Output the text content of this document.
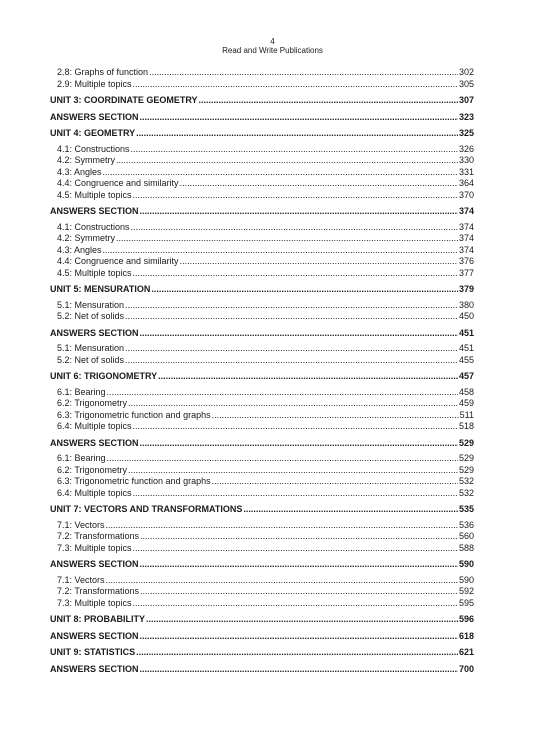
4
Read and Write Publications
2.8: Graphs of function .....	302
2.9: Multiple topics .....	305
UNIT 3: COORDINATE GEOMETRY .....	307
ANSWERS SECTION .....	323
UNIT 4: GEOMETRY .....	325
4.1: Constructions .....	326
4.2: Symmetry .....	330
4.3: Angles .....	331
4.4: Congruence and similarity .....	364
4.5: Multiple topics .....	370
ANSWERS SECTION .....	374
4.1: Constructions .....	374
4.2: Symmetry .....	374
4.3: Angles .....	374
4.4: Congruence and similarity .....	376
4.5: Multiple topics .....	377
UNIT 5: MENSURATION .....	379
5.1: Mensuration .....	380
5.2: Net of solids .....	450
ANSWERS SECTION .....	451
5.1: Mensuration .....	451
5.2: Net of solids .....	455
UNIT 6: TRIGONOMETRY .....	457
6.1: Bearing .....	458
6.2: Trigonometry .....	459
6.3: Trigonometric function and graphs .....	511
6.4: Multiple topics .....	518
ANSWERS SECTION .....	529
6.1: Bearing .....	529
6.2: Trigonometry .....	529
6.3: Trigonometric function and graphs .....	532
6.4: Multiple topics .....	532
UNIT 7: VECTORS AND TRANSFORMATIONS .....	535
7.1: Vectors .....	536
7.2: Transformations .....	560
7.3: Multiple topics .....	588
ANSWERS SECTION .....	590
7.1: Vectors .....	590
7.2: Transformations .....	592
7.3: Multiple topics .....	595
UNIT 8: PROBABILITY .....	596
ANSWERS SECTION .....	618
UNIT 9: STATISTICS .....	621
ANSWERS SECTION .....	700
